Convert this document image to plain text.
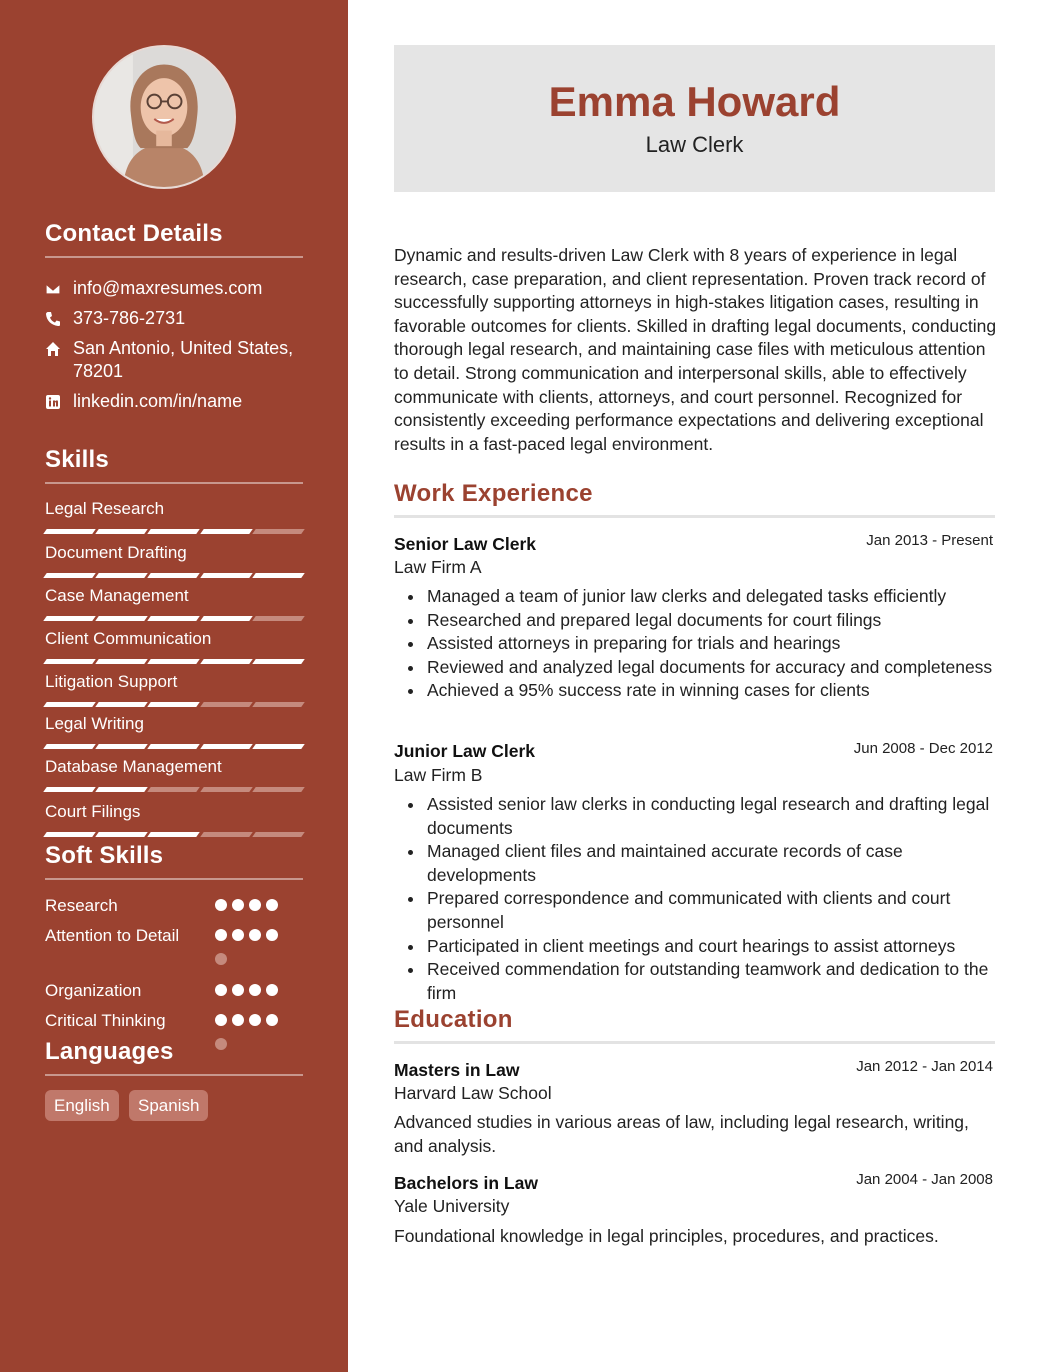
Contact Details
info@maxresumes.com
373-786-2731
San Antonio, United States, 78201
linkedin.com/in/name
Skills
Legal Research
Document Drafting
Case Management
Client Communication
Litigation Support
Legal Writing
Database Management
Court Filings
Soft Skills
Research
Attention to Detail
Organization
Critical Thinking
Languages
English	Spanish
Emma Howard
Law Clerk

Dynamic and results-driven Law Clerk with 8 years of experience in legal research, case preparation, and client representation. Proven track record of successfully supporting attorneys in high-stakes litigation cases, resulting in favorable outcomes for clients. Skilled in drafting legal documents, conducting thorough legal research, and maintaining case files with meticulous attention to detail. Strong communication and interpersonal skills, able to effectively communicate with clients, attorneys, and court personnel. Recognized for consistently exceeding performance expectations and delivering exceptional results in a fast-paced legal environment.

Work Experience
Senior Law Clerk	Jan 2013 - Present
Law Firm A
Managed a team of junior law clerks and delegated tasks efficiently
Researched and prepared legal documents for court filings
Assisted attorneys in preparing for trials and hearings
Reviewed and analyzed legal documents for accuracy and completeness
Achieved a 95% success rate in winning cases for clients
Junior Law Clerk	Jun 2008 - Dec 2012
Law Firm B
Assisted senior law clerks in conducting legal research and drafting legal documents
Managed client files and maintained accurate records of case developments
Prepared correspondence and communicated with clients and court personnel
Participated in client meetings and court hearings to assist attorneys
Received commendation for outstanding teamwork and dedication to the firm
Education
Masters in Law	Jan 2012 - Jan 2014
Harvard Law School

Advanced studies in various areas of law, including legal research, writing, and analysis.

Bachelors in Law	Jan 2004 - Jan 2008
Yale University

Foundational knowledge in legal principles, procedures, and practices.
